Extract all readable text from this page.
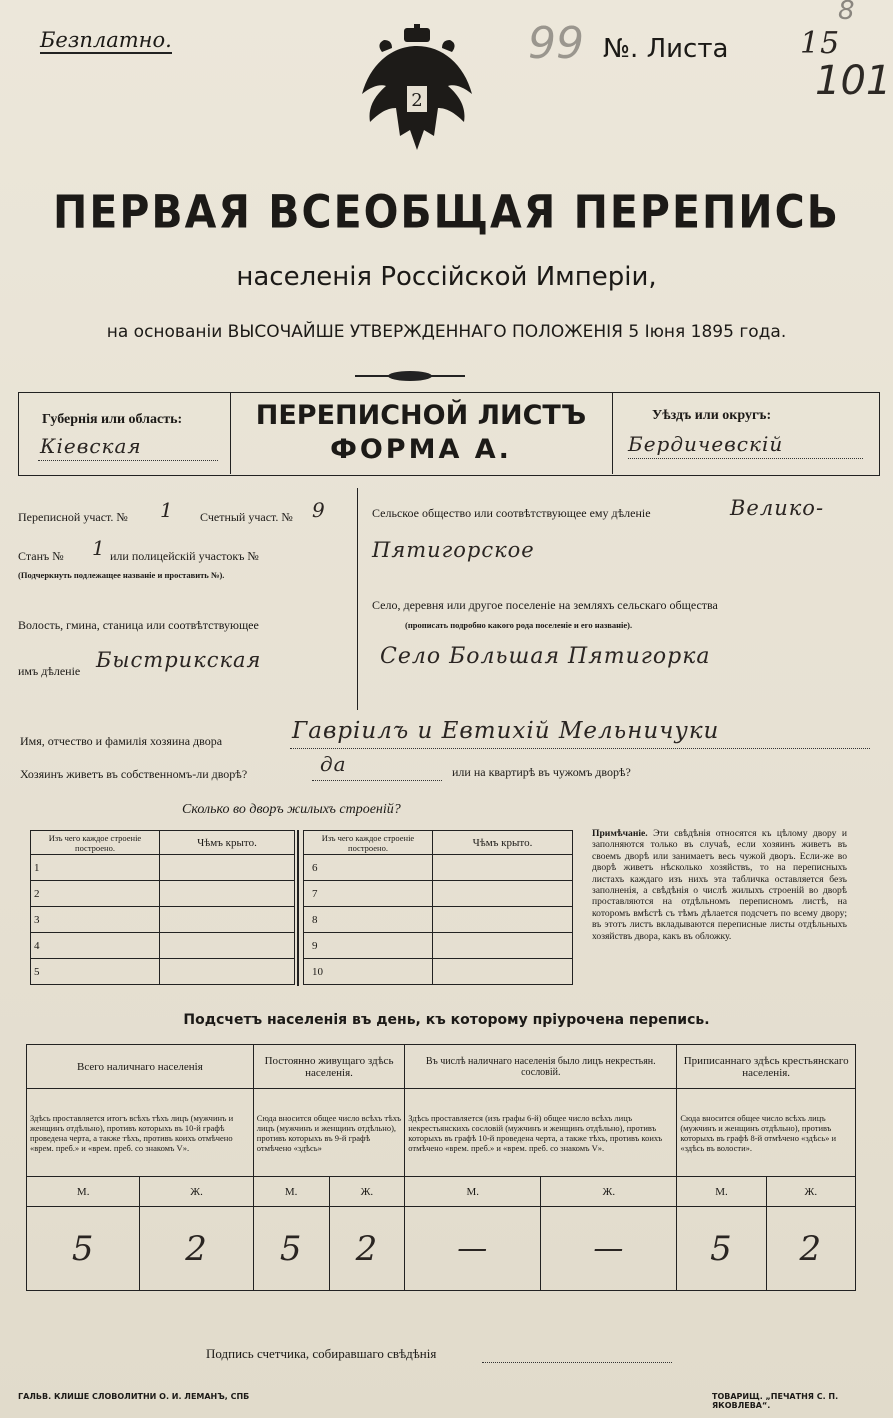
Безплатно.	99 №. Листа 15
101
8
2
ПЕРВАЯ ВСЕОБЩАЯ ПЕРЕПИСЬ
населенія Россійской Имперіи,
на основаніи ВЫСОЧАЙШЕ УТВЕРЖДЕННАГО ПОЛОЖЕНІЯ 5 Іюня 1895 года.
Губернія или область:
Кіевская
ПЕРЕПИСНОЙ ЛИСТЪ
ФОРМА А.
Уѣздъ или округъ:
Бердичевскій
Переписной участ. № 1 Счетный участ. № 9
Станъ № 1 или полицейскій участокъ №
(Подчеркнуть подлежащее названіе и проставить №).
Волость, гмина, станица или соотвѣтствующее
имъ дѣленіе Быстрикская
Сельское общество или соотвѣтствующее ему дѣленіе	Велико-
Пятигорское
Село, деревня или другое поселеніе на земляхъ сельскаго общества
(прописать подробно какого рода поселеніе и его названіе).
Село Большая Пятигорка
Имя, отчество и фамилія хозяина двора	Гаврiилъ и Евтихiй Мельничуки
Хозяинъ живетъ въ собственномъ-ли дворѣ?	да	или на квартирѣ въ чужомъ дворѣ?
Сколько во дворъ жилыхъ строеній?
Изъ чего каждое строеніе построено.	Чѣмъ крыто.
1	
2	
3	
4	
5	
Изъ чего каждое строеніе построено.	Чѣмъ крыто.
6	
7	
8	
9	
10	
Примѣчаніе. Эти свѣдѣнія относятся къ цѣлому двору и заполняются только въ случаѣ, если хозяинъ живетъ въ своемъ дворѣ или занимаетъ весь чужой дворъ. Если-же во дворѣ живетъ нѣсколько хозяйствъ, то на переписныхъ листахъ каждаго изъ нихъ эта табличка оставляется безъ заполненія, а свѣдѣнія о числѣ жилыхъ строеній во дворѣ проставляются на отдѣльномъ переписномъ листѣ, на которомъ вмѣстѣ съ тѣмъ дѣлается подсчетъ по всему двору; въ этотъ листъ вкладываются переписные листы отдѣльныхъ хозяйствъ двора, какъ въ обложку.
Подсчетъ населенія въ день, къ которому пріурочена перепись.
Всего наличнаго населенія		Постоянно живущаго здѣсь населенія.		Въ числѣ наличнаго населенія было лицъ некрестьян. сословій.		Приписаннаго здѣсь крестьянскаго населенія.	
Здѣсь проставляется итогъ всѣхъ тѣхъ лицъ (мужчинъ и женщинъ отдѣльно), противъ которыхъ въ 10-й графѣ проведена черта, а также тѣхъ, противъ коихъ отмѣчено «врем. преб.» и «врем. преб. со знакомъ V».		Сюда вносится общее число всѣхъ тѣхъ лицъ (мужчинъ и женщинъ отдѣльно), противъ которыхъ въ 9-й графѣ отмѣчено «здѣсь»		Здѣсь проставляется (изъ графы 6-й) общее число всѣхъ лицъ некрестьянскихъ сословій (мужчинъ и женщинъ отдѣльно), противъ которыхъ въ графѣ 10-й проведена черта, а также тѣхъ, противъ коихъ отмѣчено «врем. преб.» и «врем. преб. со знакомъ V».		Сюда вносится общее число всѣхъ лицъ (мужчинъ и женщинъ отдѣльно), противъ которыхъ въ графѣ 8-й отмѣчено «здѣсь» и «здѣсь въ волости».	
М.	Ж.	М.	Ж.	М.	Ж.	М.	Ж.
5	2	5	2	—	—	5	2
Подпись счетчика, собиравшаго свѣдѣнія
ГАЛЬВ. КЛИШЕ СЛОВОЛИТНИ О. И. ЛЕМАНЪ, СПБ	ТОВАРИЩ. „ПЕЧАТНЯ С. П. ЯКОВЛЕВА“.
